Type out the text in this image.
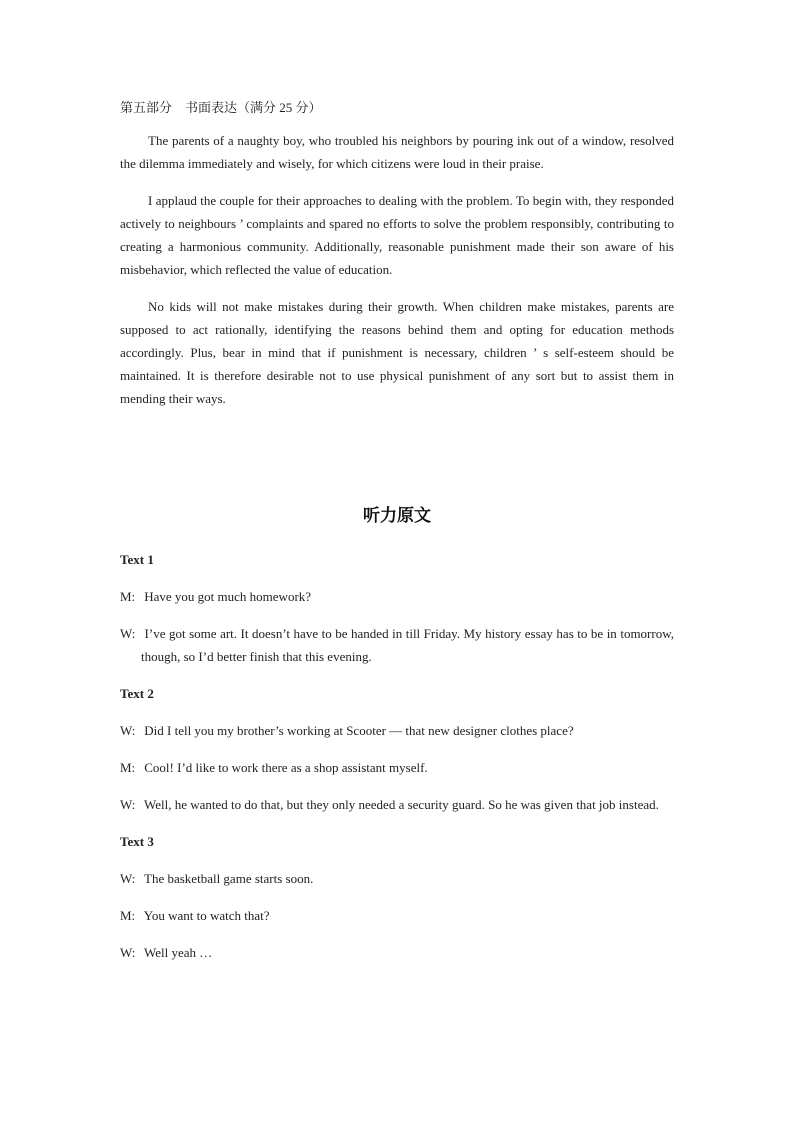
第五部分　书面表达（满分 25 分）

The parents of a naughty boy, who troubled his neighbors by pouring ink out of a window, resolved the dilemma immediately and wisely, for which citizens were loud in their praise.

I applaud the couple for their approaches to dealing with the problem. To begin with, they responded actively to neighbours ’ complaints and spared no efforts to solve the problem responsibly, contributing to creating a harmonious community. Additionally, reasonable punishment made their son aware of his misbehavior, which reflected the value of education.

No kids will not make mistakes during their growth. When children make mistakes, parents are supposed to act rationally, identifying the reasons behind them and opting for education methods accordingly. Plus, bear in mind that if punishment is necessary, children ’ s self-esteem should be maintained. It is therefore desirable not to use physical punishment of any sort but to assist them in mending their ways.

听力原文
Text 1
M: Have you got much homework?
W: I’ve got some art. It doesn’t have to be handed in till Friday. My history essay has to be in tomorrow, though, so I’d better finish that this evening.
Text 2
W: Did I tell you my brother’s working at Scooter — that new designer clothes place?
M: Cool! I’d like to work there as a shop assistant myself.
W: Well, he wanted to do that, but they only needed a security guard. So he was given that job instead.
Text 3
W: The basketball game starts soon.
M: You want to watch that?
W: Well yeah …
